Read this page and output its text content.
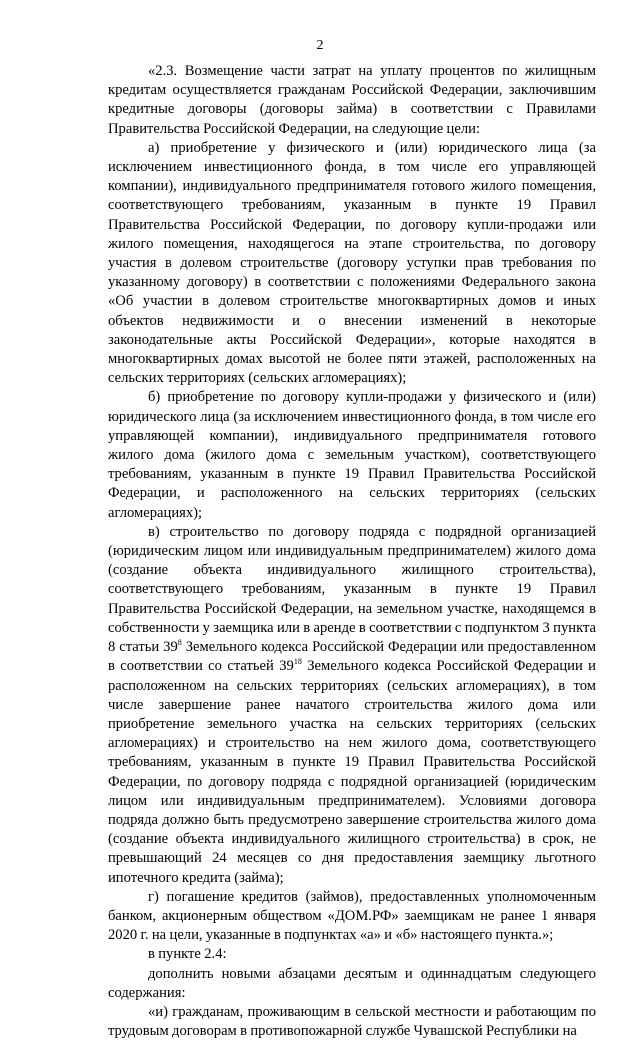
2

«2.3. Возмещение части затрат на уплату процентов по жилищным кредитам осуществляется гражданам Российской Федерации, заключившим кредитные договоры (договоры займа) в соответствии с Правилами Правительства Российской Федерации, на следующие цели:

а) приобретение у физического и (или) юридического лица (за исключением инвестиционного фонда, в том числе его управляющей компании), индивидуального предпринимателя готового жилого помещения, соответствующего требованиям, указанным в пункте 19 Правил Правительства Российской Федерации, по договору купли-продажи или жилого помещения, находящегося на этапе строительства, по договору участия в долевом строительстве (договору уступки прав требования по указанному договору) в соответствии с положениями Федерального закона «Об участии в долевом строительстве многоквартирных домов и иных объектов недвижимости и о внесении изменений в некоторые законодательные акты Российской Федерации», которые находятся в многоквартирных домах высотой не более пяти этажей, расположенных на сельских территориях (сельских агломерациях);

б) приобретение по договору купли-продажи у физического и (или) юридического лица (за исключением инвестиционного фонда, в том числе его управляющей компании), индивидуального предпринимателя готового жилого дома (жилого дома с земельным участком), соответствующего требованиям, указанным в пункте 19 Правил Правительства Российской Федерации, и расположенного на сельских территориях (сельских агломерациях);

в) строительство по договору подряда с подрядной организацией (юридическим лицом или индивидуальным предпринимателем) жилого дома (создание объекта индивидуального жилищного строительства), соответствующего требованиям, указанным в пункте 19 Правил Правительства Российской Федерации, на земельном участке, находящемся в собственности у заемщика или в аренде в соответствии с подпунктом 3 пункта 8 статьи $39^8$ Земельного кодекса Российской Федерации или предоставленном в соответствии со статьей $39^{18}$ Земельного кодекса Российской Федерации и расположенном на сельских территориях (сельских агломерациях), в том числе завершение ранее начатого строительства жилого дома или приобретение земельного участка на сельских территориях (сельских агломерациях) и строительство на нем жилого дома, соответствующего требованиям, указанным в пункте 19 Правил Правительства Российской Федерации, по договору подряда с подрядной организацией (юридическим лицом или индивидуальным предпринимателем). Условиями договора подряда должно быть предусмотрено завершение строительства жилого дома (создание объекта индивидуального жилищного строительства) в срок, не превышающий 24 месяцев со дня предоставления заемщику льготного ипотечного кредита (займа);

г) погашение кредитов (займов), предоставленных уполномоченным банком, акционерным обществом «ДОМ.РФ» заемщикам не ранее 1 января 2020 г. на цели, указанные в подпунктах «а» и «б» настоящего пункта.»;

в пункте 2.4:

дополнить новыми абзацами десятым и одиннадцатым следующего содержания:

«и) гражданам, проживающим в сельской местности и работающим по трудовым договорам в противопожарной службе Чувашской Республики на
